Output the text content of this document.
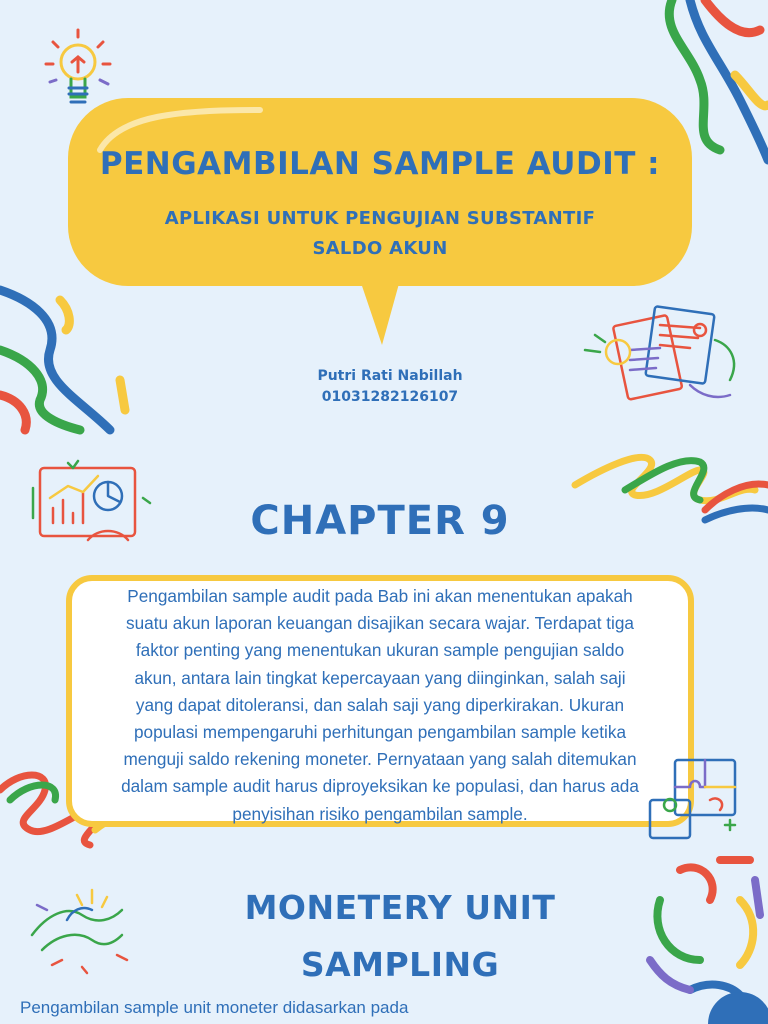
PENGAMBILAN SAMPLE AUDIT :
APLIKASI UNTUK PENGUJIAN SUBSTANTIF
SALDO AKUN
Putri Rati Nabillah
01031282126107
CHAPTER 9
Pengambilan sample audit pada Bab ini akan menentukan apakah
suatu akun laporan keuangan disajikan secara wajar. Terdapat tiga
faktor penting yang menentukan ukuran sample pengujian saldo
akun, antara lain tingkat kepercayaan yang diinginkan, salah saji
yang dapat ditoleransi, dan salah saji yang diperkirakan. Ukuran
populasi mempengaruhi perhitungan pengambilan sample ketika
menguji saldo rekening moneter. Pernyataan yang salah ditemukan
dalam sample audit harus diproyeksikan ke populasi, dan harus ada
penyisihan risiko pengambilan sample.
MONETERY UNIT
SAMPLING
Pengambilan sample unit moneter didasarkan pada
